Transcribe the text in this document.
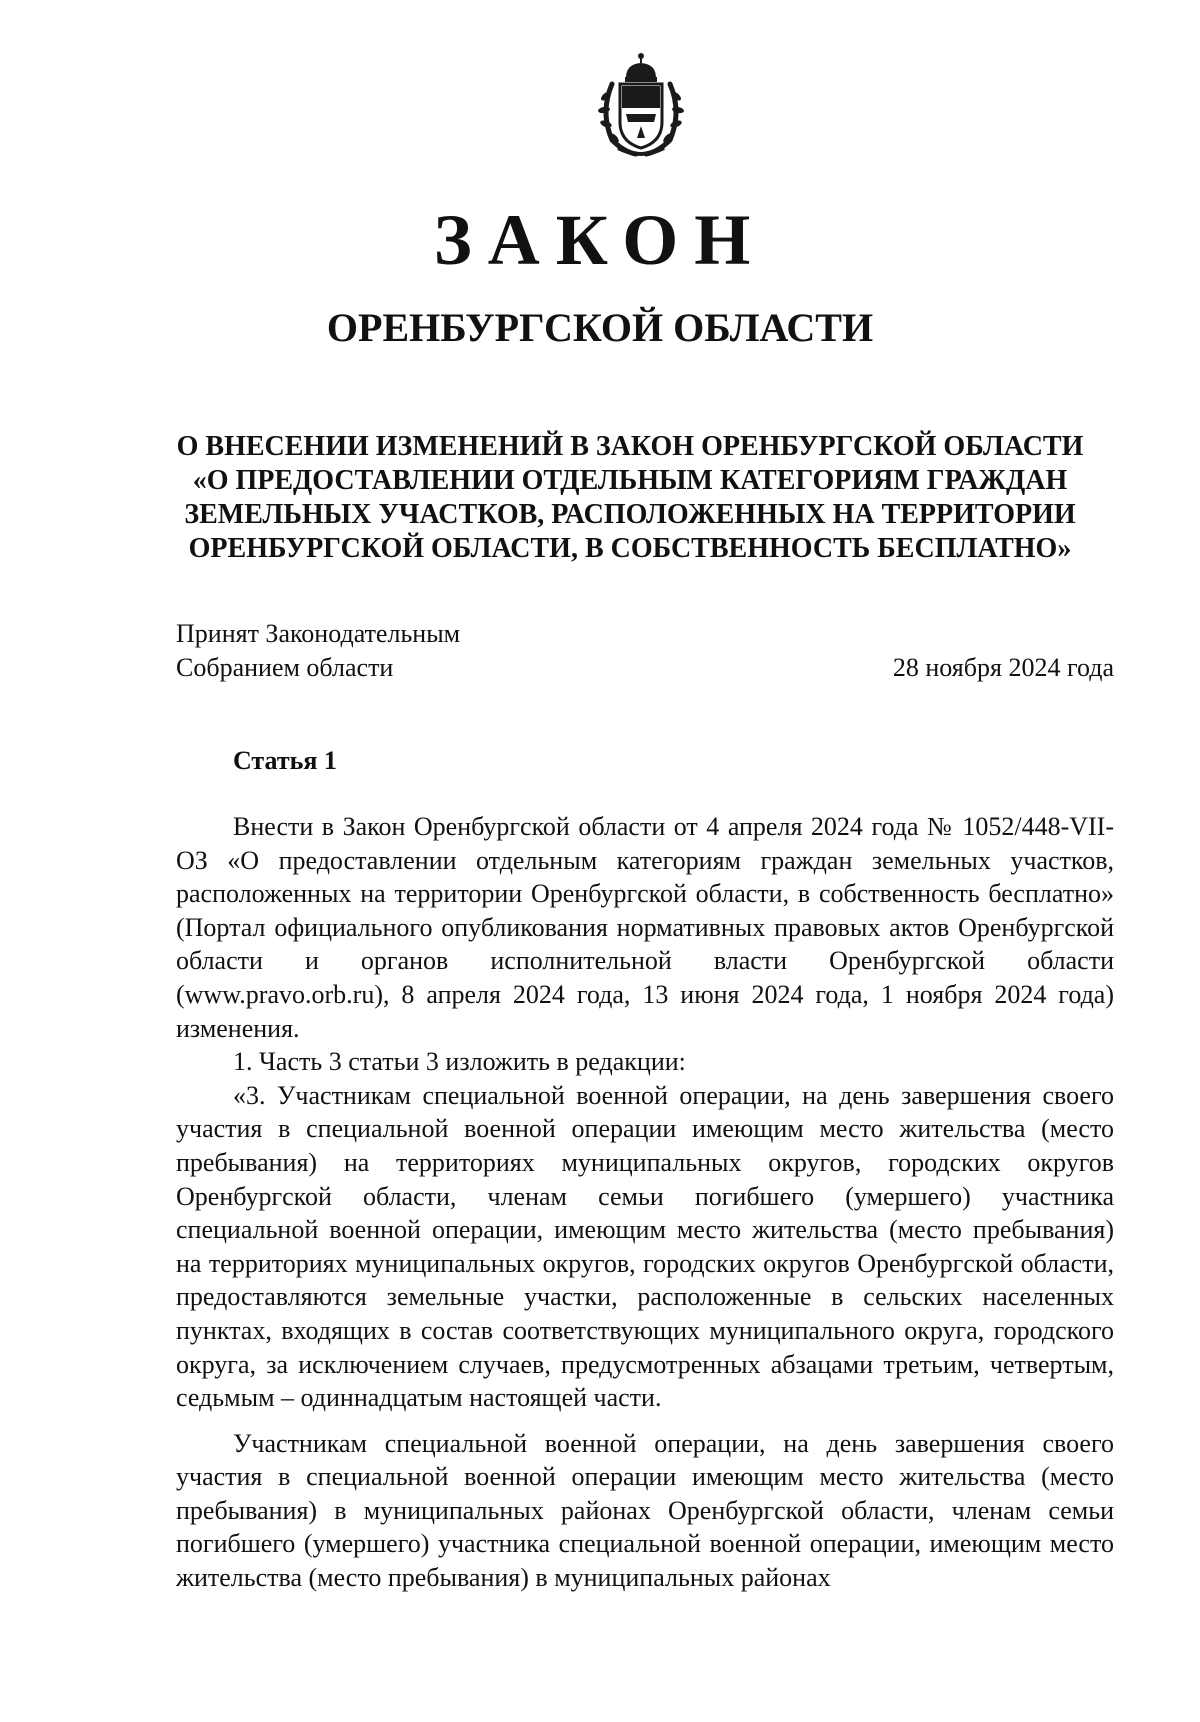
ЗАКОН
ОРЕНБУРГСКОЙ ОБЛАСТИ
О ВНЕСЕНИИ ИЗМЕНЕНИЙ В ЗАКОН ОРЕНБУРГСКОЙ ОБЛАСТИ
«О ПРЕДОСТАВЛЕНИИ ОТДЕЛЬНЫМ КАТЕГОРИЯМ ГРАЖДАН
ЗЕМЕЛЬНЫХ УЧАСТКОВ, РАСПОЛОЖЕННЫХ НА ТЕРРИТОРИИ
ОРЕНБУРГСКОЙ ОБЛАСТИ, В СОБСТВЕННОСТЬ БЕСПЛАТНО»
Принят Законодательным
Собранием области	28 ноября 2024 года
Статья 1

Внести в Закон Оренбургской области от 4 апреля 2024 года № 1052/448-VII-ОЗ «О предоставлении отдельным категориям граждан земельных участков, расположенных на территории Оренбургской области, в собственность бесплатно» (Портал официального опубликования нормативных правовых актов Оренбургской области и органов исполнительной власти Оренбургской области (www.pravo.orb.ru), 8 апреля 2024 года, 13 июня 2024 года, 1 ноября 2024 года) изменения.

1. Часть 3 статьи 3 изложить в редакции:

«3. Участникам специальной военной операции, на день завершения своего участия в специальной военной операции имеющим место жительства (место пребывания) на территориях муниципальных округов, городских округов Оренбургской области, членам семьи погибшего (умершего) участника специальной военной операции, имеющим место жительства (место пребывания) на территориях муниципальных округов, городских округов Оренбургской области, предоставляются земельные участки, расположенные в сельских населенных пунктах, входящих в состав соответствующих муниципального округа, городского округа, за исключением случаев, предусмотренных абзацами третьим, четвертым, седьмым – одиннадцатым настоящей части.

Участникам специальной военной операции, на день завершения своего участия в специальной военной операции имеющим место жительства (место пребывания) в муниципальных районах Оренбургской области, членам семьи погибшего (умершего) участника специальной военной операции, имеющим место жительства (место пребывания) в муниципальных районах
